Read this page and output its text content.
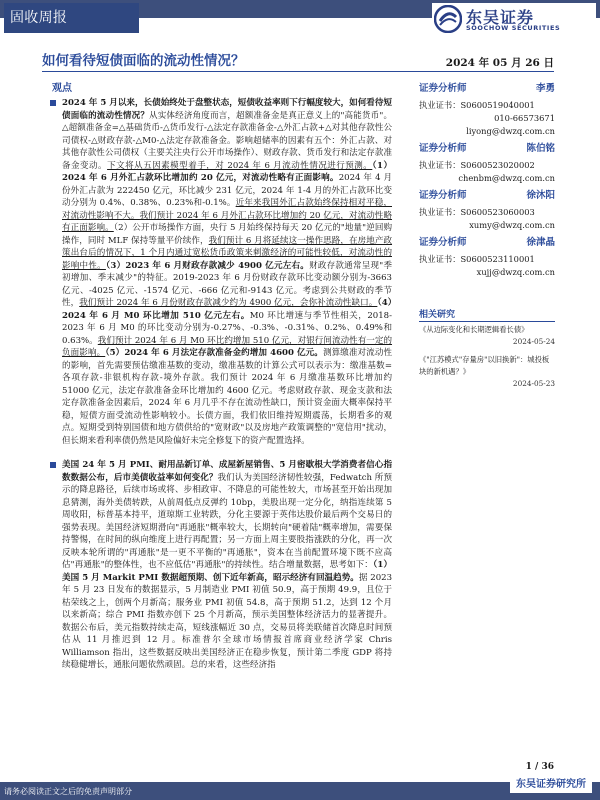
固收周报 20240526
东吴证券
SOOCHOW SECURITIES
如何看待短债面临的流动性情况？	2024 年 05 月 26 日
观点

2024 年 5 月以来，长债始终处于盘整状态，短债收益率则下行幅度较大，如何看待短债面临的流动性情况？从实体经济角度而言，超额准备金是真正意义上的"高能货币"。△超额准备金=△基础货币-△货币发行-△法定存款准备金-△外汇占款+△对其他存款性公司债权-△财政存款-△M0-△法定存款准备金。影响超储率的因素有五个：外汇占款、对其他存款性公司债权（主要关注央行公开市场操作）、财政存款、货币发行和法定存款准备金变动。下文将从五因素模型着手，对 2024 年 6 月流动性情况进行预测。（1）2024 年 6 月外汇占款环比增加约 20 亿元，对流动性略有正面影响。2024 年 4 月份外汇占款为 222450 亿元，环比减少 231 亿元，2024 年 1-4 月的外汇占款环比变动分别为 0.4%、0.38%、0.23%和-0.1%。近年来我国外汇占款始终保持相对平稳，对流动性影响不大。我们预计 2024 年 6 月外汇占款环比增加约 20 亿元，对流动性略有正面影响。（2）公开市场操作方面，央行 5 月始终保持每天 20 亿元的"地量"逆回购操作，同时 MLF 保持等量平价续作，我们预计 6 月将延续这一操作思路，在房地产政策出台后的情况下，1 个月内通过宽松货币政策来刺激经济的可能性较低，对流动性的影响中性。（3）2023 年 6 月财政存款减少 4900 亿元左右。财政存款通常呈现"季初增加、季末减少"的特征。2019-2023 年 6 月份财政存款环比变动额分别为-3663 亿元、-4025 亿元、-1574 亿元、-666 亿元和-9143 亿元。考虑到公共财政的季节性，我们预计 2024 年 6 月份财政存款减少约为 4900 亿元，会你补流动性缺口。（4）2024 年 6 月 M0 环比增加 510 亿元左右。M0 环比增速与季节性相关，2018-2023 年 6 月 M0 的环比变动分别为-0.27%、-0.3%、-0.31%、0.2%、0.49%和 0.63%。我们预计 2024 年 6 月 M0 环比约增加 510 亿元，对银行间流动性有一定的负面影响。（5）2024 年 6 月法定存款准备金约增加 4600 亿元。测算缴准对流动性的影响，首先需要预估缴准基数的变动，缴准基数的计算公式可以表示为：缴准基数=各项存款-非银机构存款-境外存款。我们预计 2024 年 6 月缴准基数环比增加约 51000 亿元，法定存款准备金环比增加约 4600 亿元。考虑财政存款、现金支款和法定存款准备金因素后，2024 年 6 月几乎不存在流动性缺口，预计资金面大概率保持平稳，短债方面受流动性影响较小。长债方面，我们依旧维持短期震荡，长期看多的观点。短期受到特别国债和地方债供给的"宽财政"以及房地产政策调整的"宽信用"扰动，但长期来看利率债仍然是风险偏好未完全修复下的资产配置选择。

美国 24 年 5 月 PMI、耐用品新订单、成屋新屋销售、5 月密歇根大学消费者信心指数数据公布，后市美债收益率如何变化？我们认为美国经济韧性较强，Fedwatch 所预示的降息路径，后续市场或将、步相政审、不降息的可能性较大，市场甚至开始出现加息猜测，海外美债转跌，从前周低点反弹约 10bp，美股出现一定分化，纳指连续第 5 周收阳，标普基本持平，道琼斯工业转跌，分化主要源于英伟达股价最后两个交易日的强势表现。美国经济短期滑向"再通胀"概率较大，长期转向"硬着陆"概率增加，需要保持警惕，在时间的纵向维度上进行再配置；另一方面上周主要股指涨跌的分化，再一次反映本轮所谓的"再通胀"是一更不平衡的"再通胀"，资本在当前配置环境下既不应高估"再通胀"的整体性，也不应低估"再通胀"的持续性。结合增量数据，思考如下：（1）美国 5 月 Markit PMI 数据超预期、创下近年新高，昭示经济有回温趋势。据 2023 年 5 月 23 日发布的数据显示，5 月制造业 PMI 初值 50.9，高于预期 49.9，且位于枯荣线之上，创两个月新高；服务业 PMI 初值 54.8，高于预期 51.2，达到 12 个月以来新高；综合 PMI 指数亦创下 25 个月新高，预示美国整体经济活力的显著提升。数据公布后，美元指数持续走高，短线涨幅近 30 点，交易员将美联储首次降息时间预估从 11 月推迟到 12 月。标准普尔全球市场情报首席商业经济学家 Chris Williamson 指出，这些数据反映出美国经济正在稳步恢复，预计第二季度 GDP 将持续稳健增长，通胀问题依然顽固。总的来看，这些经济指

证券分析师	李勇
执业证书：S0600519040001
010-66573671
liyong@dwzq.com.cn
证券分析师	陈伯铭
执业证书：S0600523020002
chenbm@dwzq.com.cn
证券分析师	徐沐阳
执业证书：S0600523060003
xumy@dwzq.com.cn
证券分析师	徐津晶
执业证书：S0600523110001
xujj@dwzq.com.cn
相关研究
《从边际变化和长期逻辑看长债》
2024-05-24
《"江苏模式"存量房"以旧换新"：城投板块的新机遇？》
2024-05-23
1 / 36
请务必阅读正文之后的免责声明部分
东吴证券研究所
